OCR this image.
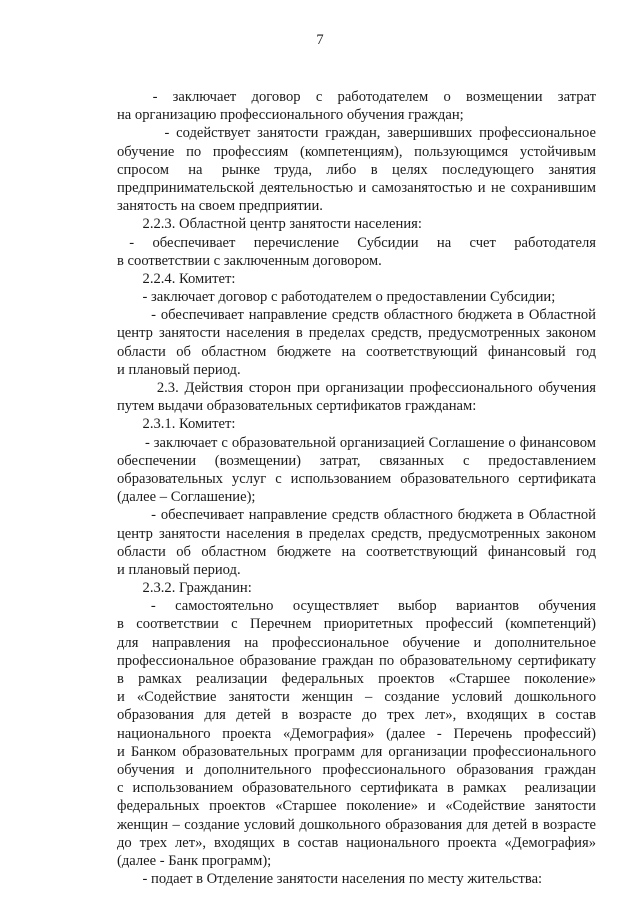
7
-   заключает   договор   с   работодателем   о   возмещении   затрат
на организацию профессионального обучения граждан;
- содействует занятости граждан, завершивших профессиональное
обучение  по  профессиям  (компетенциям),  пользующимся  устойчивым
спросом    на    рынке   труда,   либо   в   целях   последующего   занятия
предпринимательской деятельностью и самозанятостью и не сохранившим
занятость на своем предприятии.
2.2.3. Областной центр занятости населения:
-   обеспечивает   перечисление   Субсидии   на   счет   работодателя
в соответствии с заключенным договором.
2.2.4. Комитет:
- заключает договор с работодателем о предоставлении Субсидии;
- обеспечивает направление средств областного бюджета в Областной
центр занятости населения в пределах средств, предусмотренных законом
области  об  областном  бюджете  на  соответствующий  финансовый  год
и плановый период.
2.3. Действия сторон при организации профессионального обучения
путем выдачи образовательных сертификатов гражданам:
2.3.1. Комитет:
- заключает с образовательной организацией Соглашение о финансовом
обеспечении     (возмещении)     затрат,     связанных     с     предоставлением
образовательных  услуг  с  использованием  образовательного  сертификата
(далее – Соглашение);
- обеспечивает направление средств областного бюджета в Областной
центр занятости населения в пределах средств, предусмотренных законом
области  об  областном  бюджете  на  соответствующий  финансовый  год
и плановый период.
2.3.2. Гражданин:
-    самостоятельно    осуществляет    выбор    вариантов    обучения
в  соответствии  с  Перечнем  приоритетных  профессий  (компетенций)
для   направления   на   профессиональное   обучение   и   дополнительное
профессиональное образование граждан по образовательному сертификату
в   рамках   реализации   федеральных   проектов   «Старшее   поколение»
и  «Содействие  занятости  женщин  –  создание  условий  дошкольного
образования  для  детей  в  возрасте  до  трех  лет»,  входящих  в  состав
национального  проекта  «Демография»  (далее  -  Перечень  профессий)
и Банком образовательных программ для организации профессионального
обучения  и  дополнительного  профессионального  образования  граждан
с  использованием  образовательного  сертификата  в  рамках    реализации
федеральных  проектов  «Старшее  поколение»  и  «Содействие  занятости
женщин – создание условий дошкольного образования для детей в возрасте
до  трех  лет»,  входящих  в  состав  национального  проекта  «Демография»
(далее - Банк программ);
- подает в Отделение занятости населения по месту жительства:
